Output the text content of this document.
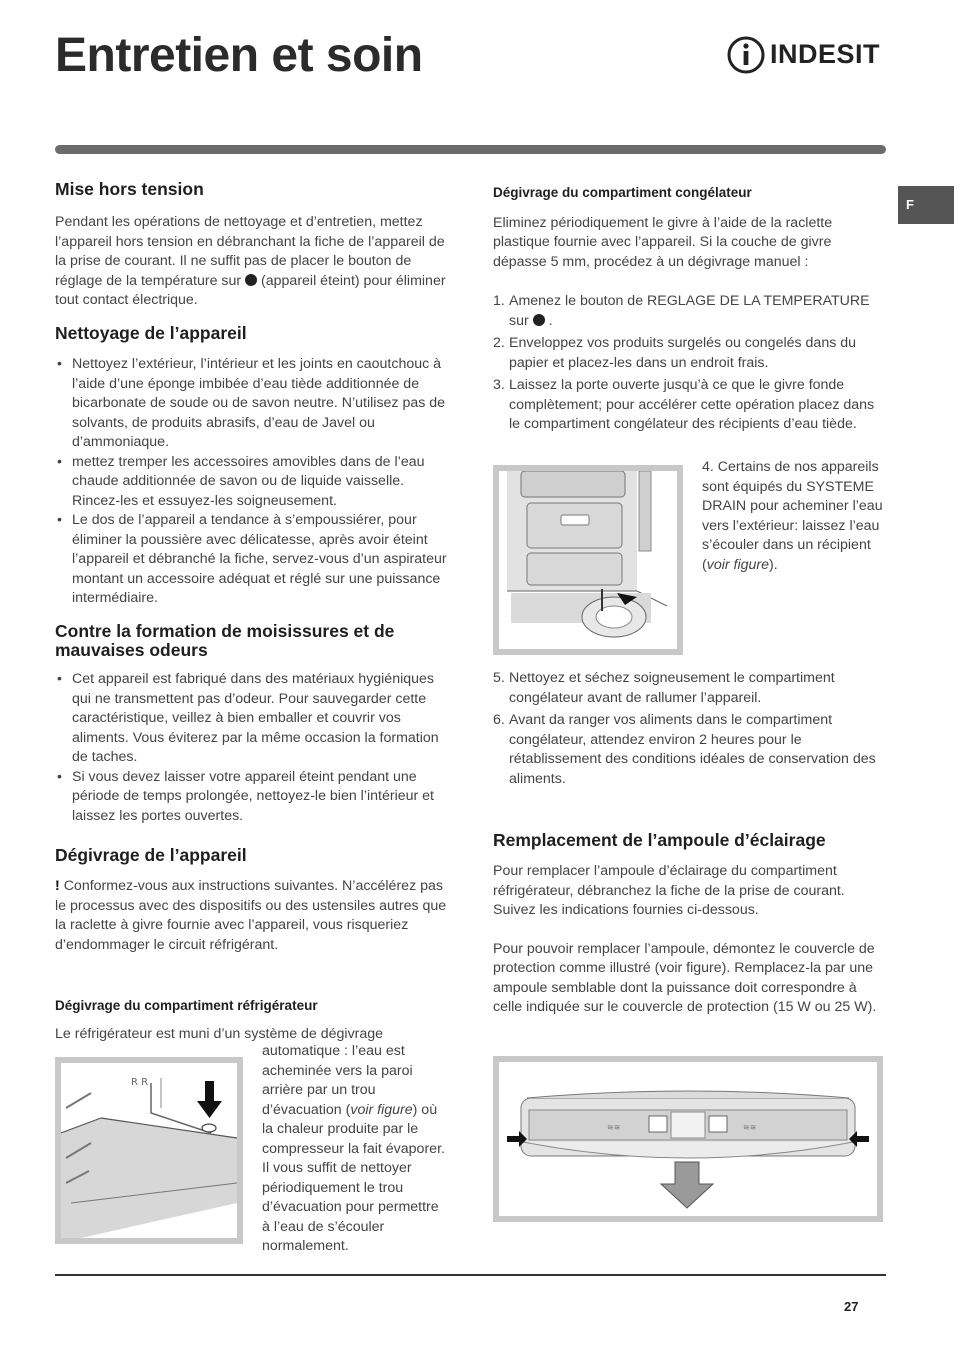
Entretien et soin	INDESIT
F
Mise hors tension

Pendant les opérations de nettoyage et d’entretien, mettez l’appareil hors tension en débranchant la fiche de l’appareil de la prise de courant. Il ne suffit pas de placer le bouton de réglage de la température sur (appareil éteint) pour éliminer tout contact électrique.

Nettoyage de l’appareil
• Nettoyez l’extérieur, l’intérieur et les joints en caoutchouc à l’aide d’une éponge imbibée d’eau tiède additionnée de bicarbonate de soude ou de savon neutre. N’utilisez pas de solvants, de produits abrasifs, d’eau de Javel ou d’ammoniaque.
• mettez tremper les accessoires amovibles dans de l’eau chaude additionnée de savon ou de liquide vaisselle. Rincez-les et essuyez-les soigneusement.
• Le dos de l’appareil a tendance à s’empoussiérer, pour éliminer la poussière avec délicatesse, après avoir éteint l’appareil et débranché la fiche, servez-vous d’un aspirateur montant un accessoire adéquat et réglé sur une puissance intermédiaire.
Contre la formation de moisissures et de mauvaises odeurs
• Cet appareil est fabriqué dans des matériaux hygiéniques qui ne transmettent pas d’odeur. Pour sauvegarder cette caractéristique, veillez à bien emballer et couvrir vos aliments. Vous éviterez par la même occasion la formation de taches.
• Si vous devez laisser votre appareil éteint pendant une période de temps prolongée, nettoyez-le bien l’intérieur et laissez les portes ouvertes.
Dégivrage de l’appareil

! Conformez-vous aux instructions suivantes. N’accélérez pas le processus avec des dispositifs ou des ustensiles autres que la raclette à givre fournie avec l’appareil, vous risqueriez d’endommager le circuit réfrigérant.

Dégivrage du compartiment réfrigérateur

Le réfrigérateur est muni d’un système de dégivrage

automatique : l’eau est acheminée vers la paroi arrière par un trou d’évacuation (voir figure) où la chaleur produite par le compresseur la fait évaporer. Il vous suffit de nettoyer périodiquement le trou d’évacuation pour permettre à l’eau de s’écouler normalement.

R R
Dégivrage du compartiment congélateur

Eliminez périodiquement le givre à l’aide de la raclette plastique fournie avec l’appareil. Si la couche de givre dépasse 5 mm, procédez à un dégivrage manuel :

1. Amenez le bouton de REGLAGE DE LA TEMPERATURE sur .
2. Enveloppez vos produits surgelés ou congelés dans du papier et placez-les dans un endroit frais.
3. Laissez la porte ouverte jusqu’à ce que le givre fonde complètement; pour accélérer cette opération placez dans le compartiment congélateur des récipients d’eau tiède.

4. Certains de nos appareils sont équipés du SYSTEME DRAIN pour acheminer l’eau vers l’extérieur: laissez l’eau s’écouler dans un récipient (voir figure).

5. Nettoyez et séchez soigneusement le compartiment congélateur avant de rallumer l’appareil.
6. Avant da ranger vos aliments dans le compartiment congélateur, attendez environ 2 heures pour le rétablissement des conditions idéales de conservation des aliments.
Remplacement de l’ampoule d’éclairage

Pour remplacer l’ampoule d’éclairage du compartiment réfrigérateur, débranchez la fiche de la prise de courant. Suivez les indications fournies ci-dessous.

Pour pouvoir remplacer l’ampoule, démontez le couvercle de protection comme illustré (voir figure). Remplacez-la par une ampoule semblable dont la puissance doit correspondre à celle indiquée sur le couvercle de protection (15 W ou 25 W).

≋≋	≋≋
27
